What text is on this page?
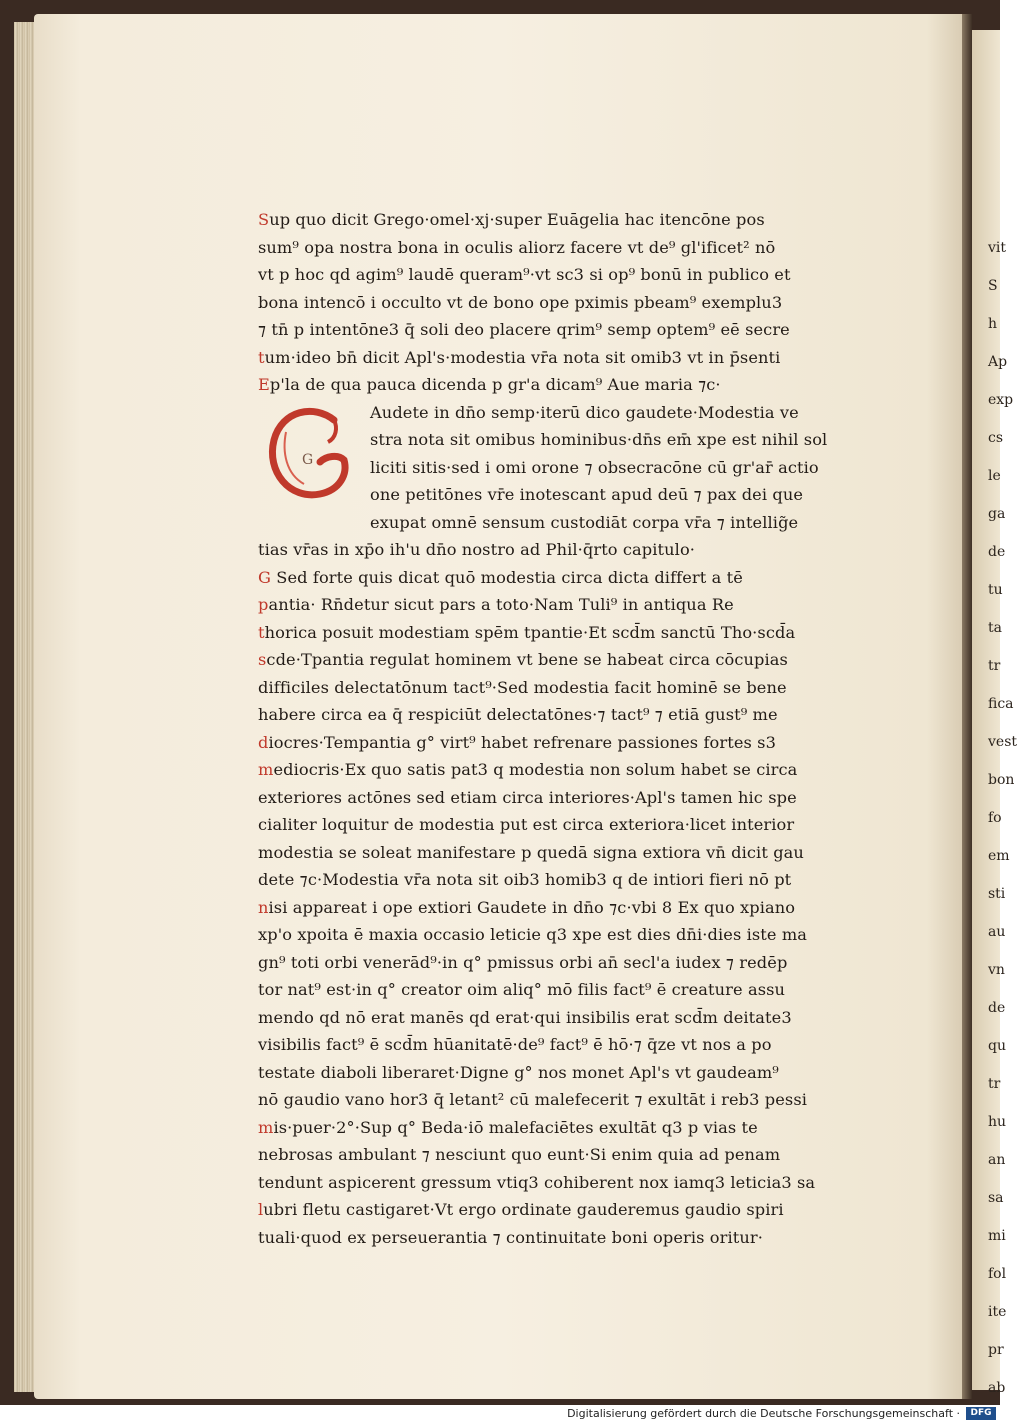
vit
S
h
Ap
exp
cs
le
ga
de
tu
ta
tr
fica
vest
bon
fo
em
sti
au
vn
de
qu
tr
hu
an
sa
mi
fol
ite
pr
ab
G
Sup quo dicit Grego·omel·xj·super Euāgelia hac itencōne pos
sum⁹ opa nostra bona in oculis aliorz facere vt de⁹ gl'ificet² nō
vt p hoc qd agim⁹ laudē queram⁹·vt sc3 si op⁹ bonū in publico et
bona intencō i occulto vt de bono ope pximis pbeam⁹ exemplu3
⁊ tn̄ p intentōne3 q̄ soli deo placere qrim⁹ semp optem⁹ eē secre
tum·ideo bn̄ dicit Apl's·modestia vr̄a nota sit omib3 vt in p̄senti
Ep'la de qua pauca dicenda p gr'a dicam⁹ Aue maria ⁊c·
Audete in dn̄o semp·iterū dico gaudete·Modestia ve
stra nota sit omibus hominibus·dn̄s em̄ xpe est nihil sol
liciti sitis·sed i omi orone ⁊ obsecracōne cū gr'ar̄ actio
one petitōnes vr̄e inotescant apud deū ⁊ pax dei que
exupat omnē sensum custodiāt corpa vr̄a ⁊ intellig̃e
tias vr̄as in xp̄o ih'u dn̄o nostro ad Phil·q̄rto capitulo·
G Sed forte quis dicat quō modestia circa dicta differt a tē
pantia· Rn̄detur sicut pars a toto·Nam Tuli⁹ in antiqua Re
thorica posuit modestiam spēm tpantie·Et scd̄m sanctū Tho·scd̄a
scde·Tpantia regulat hominem vt bene se habeat circa cōcupias
difficiles delectatōnum tact⁹·Sed modestia facit hominē se bene
habere circa ea q̄ respiciūt delectatōnes·⁊ tact⁹ ⁊ etiā gust⁹ me
diocres·Tempantia g° virt⁹ habet refrenare passiones fortes s3
mediocris·Ex quo satis pat3 q modestia non solum habet se circa
exteriores actōnes sed etiam circa interiores·Apl's tamen hic spe
cialiter loquitur de modestia put est circa exteriora·licet interior
modestia se soleat manifestare p quedā signa extiora vn̄ dicit gau
dete ⁊c·Modestia vr̄a nota sit oib3 homib3 q de intiori fieri nō pt
nisi appareat i ope extiori Gaudete in dn̄o ⁊c·vbi 8 Ex quo xpiano
xp'o xpoita ē maxia occasio leticie q3 xpe est dies dn̄i·dies iste ma
gn⁹ toti orbi venerād⁹·in q° pmissus orbi an̄ secl'a iudex ⁊ redēp
tor nat⁹ est·in q° creator oim aliq° mō filis fact⁹ ē creature assu
mendo qd nō erat manēs qd erat·qui insibilis erat scd̄m deitate3
visibilis fact⁹ ē scd̄m hūanitatē·de⁹ fact⁹ ē hō·⁊ q̄ze vt nos a po
testate diaboli liberaret·Digne g° nos monet Apl's vt gaudeam⁹
nō gaudio vano hor3 q̄ letant² cū malefecerit ⁊ exultāt i reb3 pessi
mis·puer·2°·Sup q° Beda·iō malefaciētes exultāt q3 p vias te
nebrosas ambulant ⁊ nesciunt quo eunt·Si enim quia ad penam
tendunt aspicerent gressum vtiq3 cohiberent nox iamq3 leticia3 sa
lubri fletu castigaret·Vt ergo ordinate gauderemus gaudio spiri
tuali·quod ex perseuerantia ⁊ continuitate boni operis oritur·
Digitalisierung gefördert durch die Deutsche Forschungsgemeinschaft ·	DFG
